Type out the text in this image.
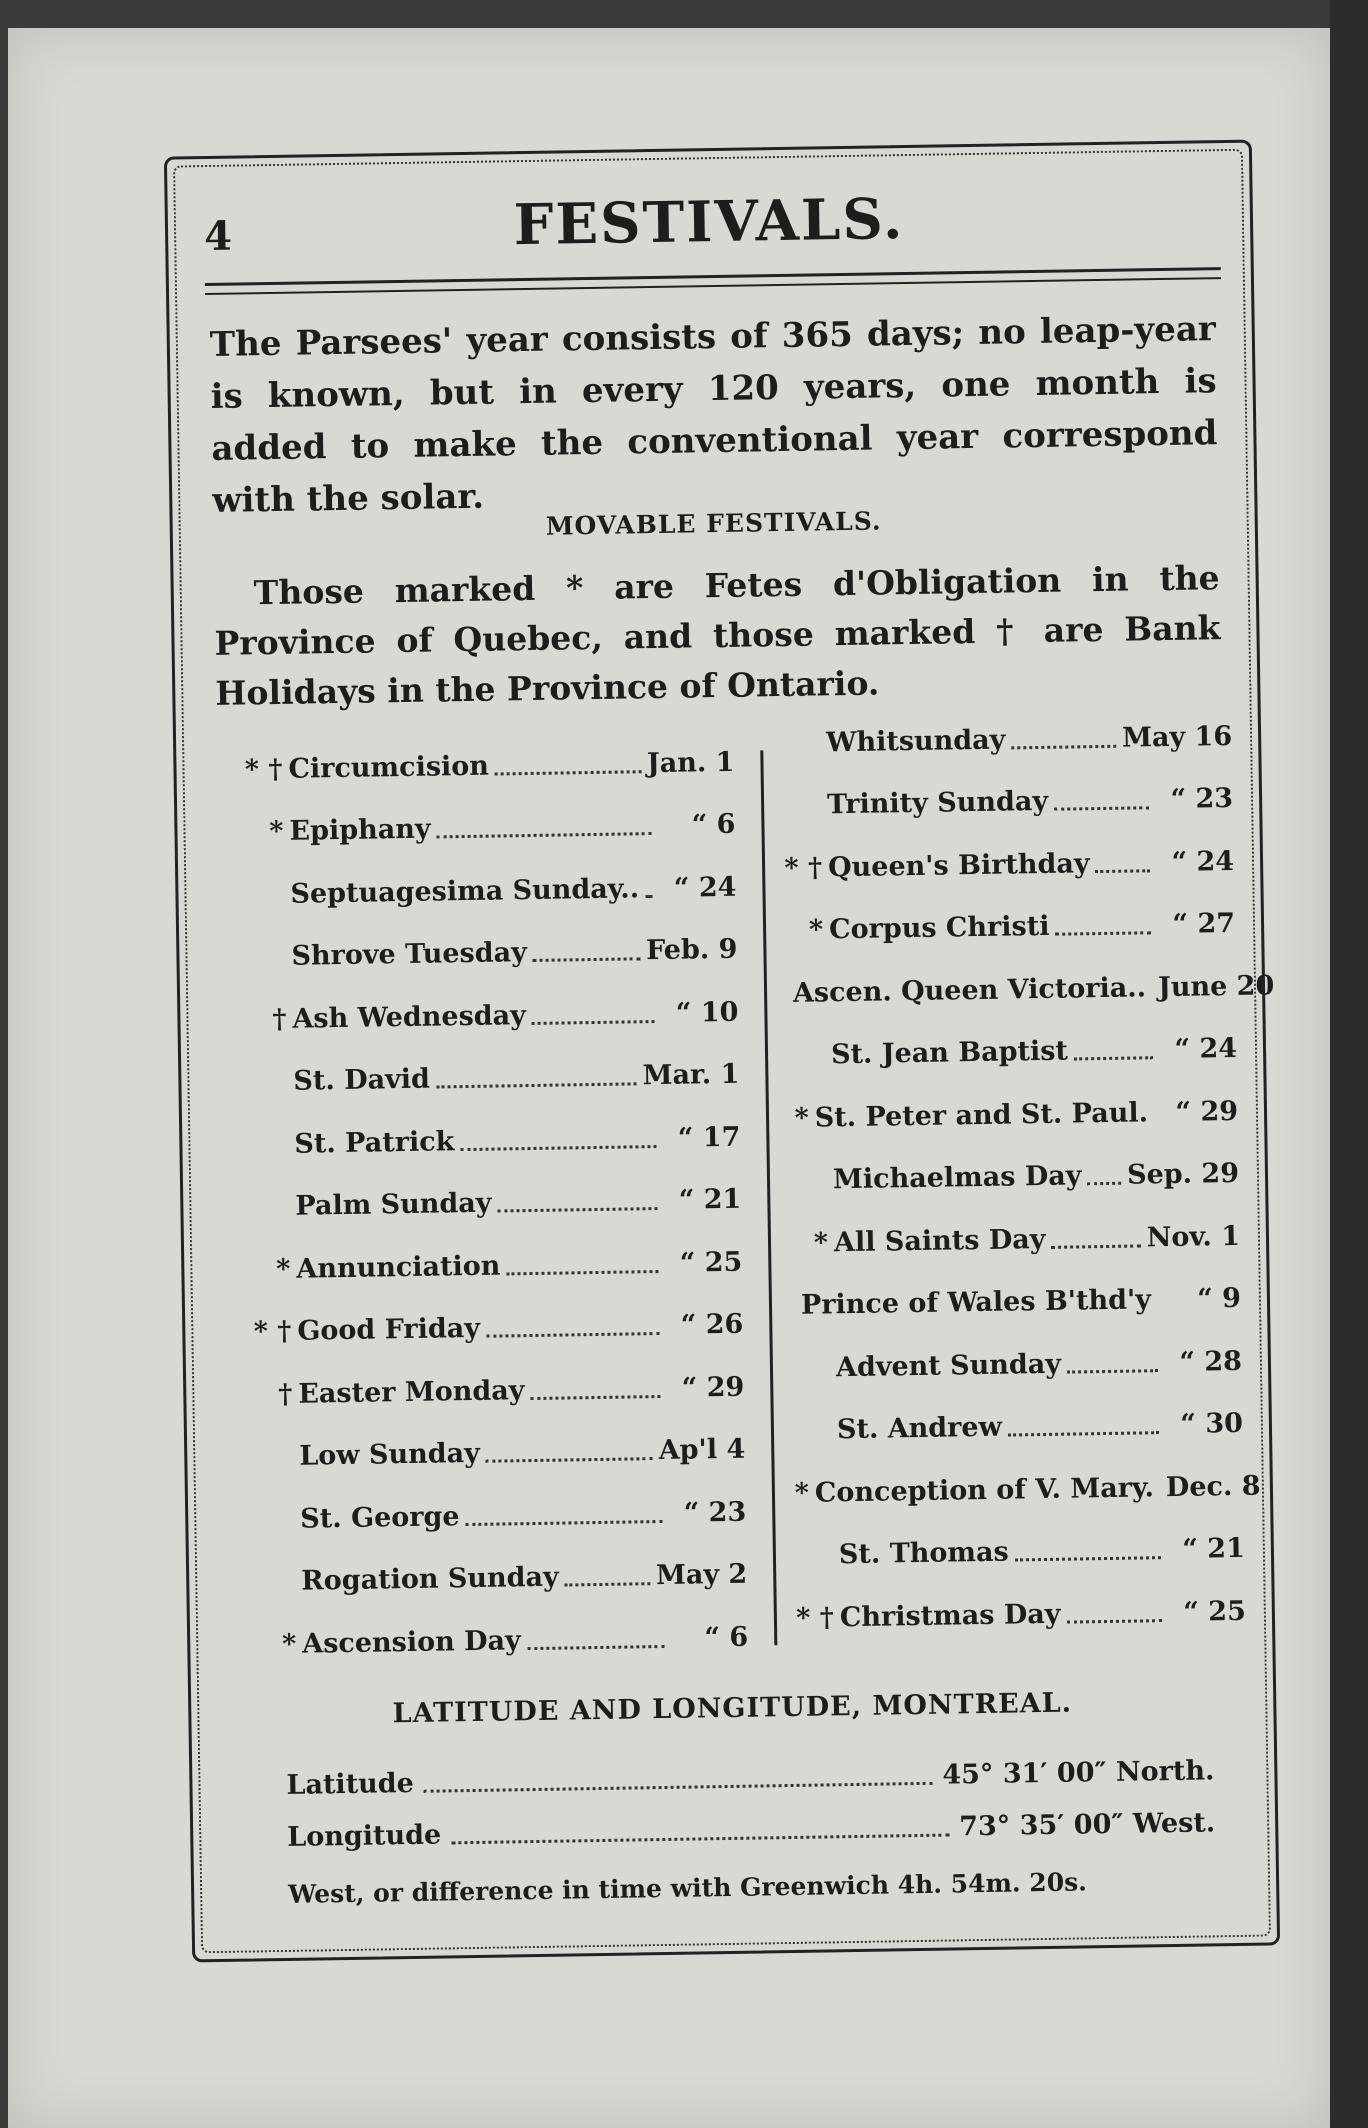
4	FESTIVALS.
The Parsees' year consists of 365 days; no leap-year is known, but in every 120 years, one month is added to make the conventional year correspond with the solar.
MOVABLE FESTIVALS.
Those marked * are Fetes d'Obligation in the Province of Quebec, and those marked † are Bank Holidays in the Province of Ontario.
* † Circumcision	Jan. 1
* Epiphany	“ 6
Septuagesima Sunday..	“ 24
Shrove Tuesday	Feb. 9
† Ash Wednesday	“ 10
St. David	Mar. 1
St. Patrick	“ 17
Palm Sunday	“ 21
* Annunciation	“ 25
* † Good Friday	“ 26
† Easter Monday	“ 29
Low Sunday	Ap'l 4
St. George	“ 23
Rogation Sunday	May 2
* Ascension Day	“ 6
Whitsunday	May 16
Trinity Sunday	“ 23
* † Queen's Birthday	“ 24
* Corpus Christi	“ 27
Ascen. Queen Victoria.. June 20
St. Jean Baptist	“ 24
* St. Peter and St. Paul. “ 29
Michaelmas Day Sep. 29
* All Saints Day	Nov. 1
Prince of Wales B'thd'y	“ 9
Advent Sunday	“ 28
St. Andrew	“ 30
* Conception of V. Mary. Dec. 8
St. Thomas	“ 21
* † Christmas Day	“ 25
LATITUDE AND LONGITUDE, MONTREAL.
Latitude	45° 31′ 00″ North.
Longitude	73° 35′ 00″ West.
West, or difference in time with Greenwich 4h. 54m. 20s.
